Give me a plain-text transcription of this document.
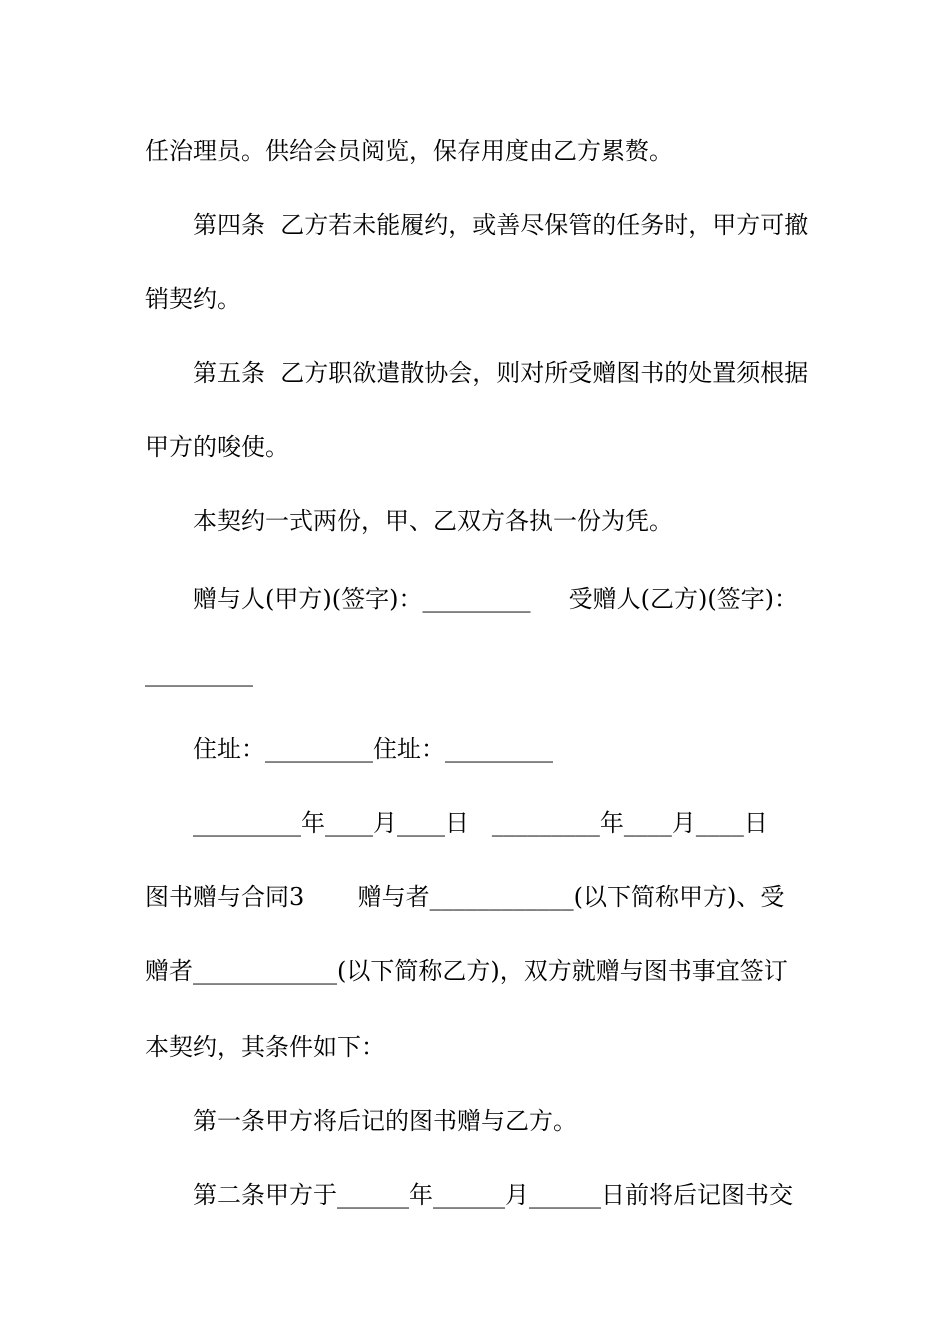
任治理员。供给会员阅览，保存用度由乙方累赘。
第四条  乙方若未能履约，或善尽保管的任务时，甲方可撤
销契约。
第五条  乙方职欲遣散协会，则对所受赠图书的处置须根据
甲方的唆使。
本契约一式两份，甲、乙双方各执一份为凭。
赠与人(甲方)(签字)：_________     受赠人(乙方)(签字)：
_________
住址：_________住址：_________
_________年____月____日   _________年____月____日
图书赠与合同3       赠与者____________(以下简称甲方)、受
赠者____________(以下简称乙方)，双方就赠与图书事宜签订
本契约，其条件如下：
第一条甲方将后记的图书赠与乙方。
第二条甲方于______年______月______日前将后记图书交
